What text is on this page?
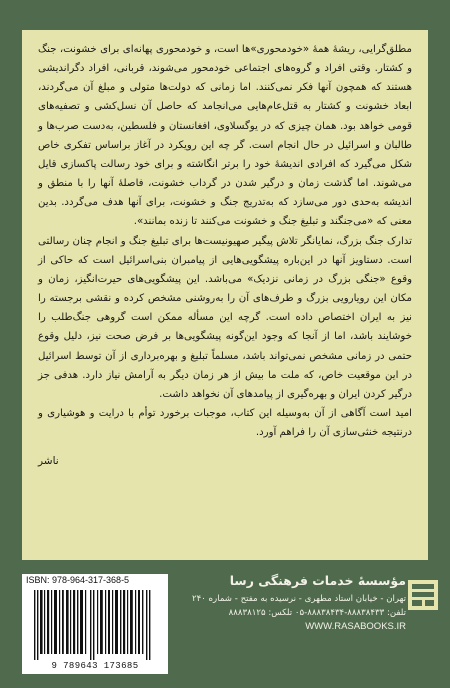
مطلق‌گرایی، ریشهٔ همهٔ «خودمحوری»ها است، و خودمحوری پهانه‌ای برای خشونت، جنگ و کشتار. وقتی افراد و گروه‌های اجتماعی خودمحور می‌شوند، قربانی، افراد دگراندیشی هستند که همچون آنها فکر نمی‌کنند. اما زمانی که دولت‌ها متولی و مبلغ آن می‌گردند، ابعاد خشونت و کشتار به قتل‌عام‌هایی می‌انجامد که حاصل آن نسل‌کشی و تصفیه‌های قومی خواهد بود. همان چیزی که در یوگسلاوی، افغانستان و فلسطین، به‌دست صرب‌ها و طالبان و اسرائیل در حال انجام است. گر چه این رویکرد در آغاز براساس تفکری خاص شکل می‌گیرد که افرادی اندیشهٔ خود را برتر انگاشته و برای خود رسالت پاکسازی قایل می‌شوند. اما گذشت زمان و درگیر شدن در گرداب خشونت، فاصلهٔ آنها را با منطق و اندیشه به‌حدی دور می‌سازد که به‌تدریج جنگ و خشونت، برای آنها هدف می‌گردد. بدین معنی که «می‌جنگند و تبلیغ جنگ و خشونت می‌کنند تا زنده بمانند».

تدارک جنگ بزرگ، نمایانگر تلاش پیگیر صهیونیست‌ها برای تبلیغ جنگ و انجام چنان رسالتی است. دستاویز آنها در این‌باره پیشگویی‌هایی از پیامبران بنی‌اسرائیل است که حاکی از وقوع «جنگی بزرگ در زمانی نزدیک» می‌باشد. این پیشگویی‌های حیرت‌انگیز، زمان و مکان این رویارویی بزرگ و طرف‌های آن را به‌روشنی مشخص کرده و نقشی برجسته را نیز به ایران اختصاص داده است. گرچه این مسأله ممکن است گروهی جنگ‌طلب را خوشایند باشد، اما از آنجا که وجود این‌گونه پیشگویی‌ها بر فرض صحت نیز، دلیل وقوع حتمی در زمانی مشخص نمی‌تواند باشد، مسلماً تبلیغ و بهره‌برداری از آن توسط اسرائیل در این موقعیت خاص، که ملت ما بیش از هر زمان دیگر به آرامش نیاز دارد. هدفی جز درگیر کردن ایران و بهره‌گیری از پیامدهای آن نخواهد داشت.

امید است آگاهی از آن به‌وسیله این کتاب، موجبات برخورد توأم با درایت و هوشیاری و درنتیجه خنثی‌سازی آن را فراهم آورد.

ناشر
ISBN: 978-964-317-368-5
9 789643 173685
مؤسسهٔ خدمات فرهنگی رسا
تهران - خیابان استاد مطهری - نرسیده به مفتح - شماره ۲۴۰
تلفن: ۸۸۸۳۸۴۳۳-۸۸۸۳۸۴۳۴-۰۵ تلکس: ۸۸۸۳۸۱۲۵
WWW.RASABOOKS.IR
